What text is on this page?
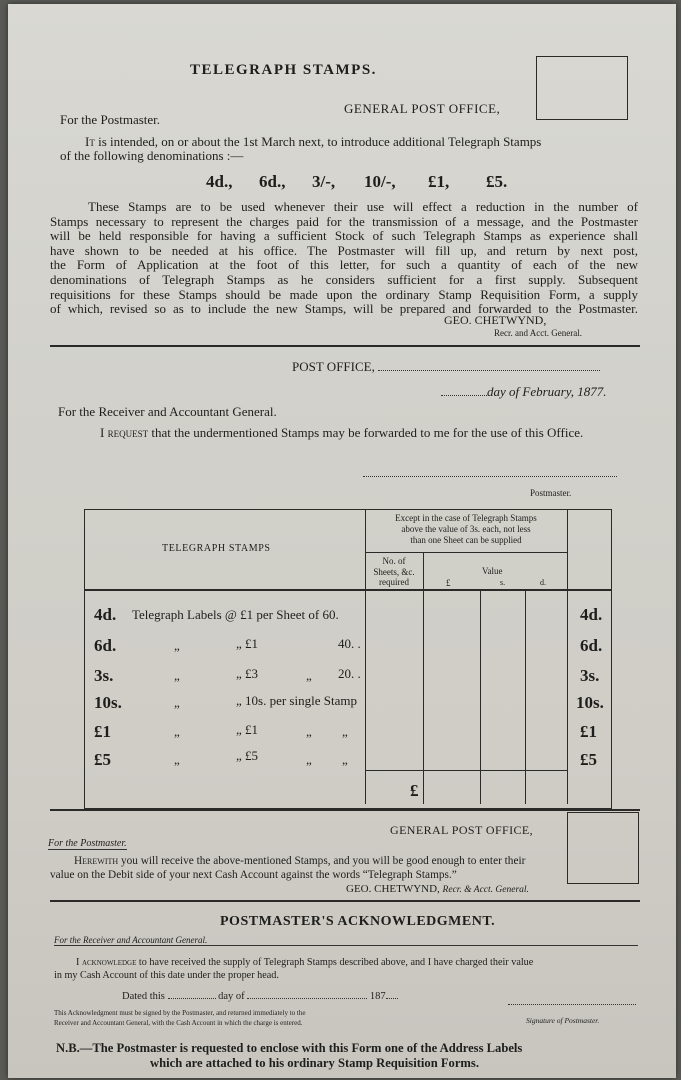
TELEGRAPH STAMPS.
For the Postmaster.
GENERAL POST OFFICE,
It is intended, on or about the 1st March next, to introduce additional Telegraph Stamps
of the following denominations :—
4d., 6d., 3/-, 10/-, £1, £5.
These Stamps are to be used whenever their use will effect a reduction in the number of
Stamps necessary to represent the charges paid for the transmission of a message, and the Postmaster
will be held responsible for having a sufficient Stock of such Telegraph Stamps as experience shall
have shown to be needed at his office. The Postmaster will fill up, and return by next post,
the Form of Application at the foot of this letter, for such a quantity of each of the new
denominations of Telegraph Stamps as he considers sufficient for a first supply. Subsequent
requisitions for these Stamps should be made upon the ordinary Stamp Requisition Form, a supply
of which, revised so as to include the new Stamps, will be prepared and forwarded to the Postmaster.
GEO. CHETWYND,
Recr. and Acct. General.
POST OFFICE,
day of February, 1877.
For the Receiver and Accountant General.
I request that the undermentioned Stamps may be forwarded to me for the use of this Office.
Postmaster.
TELEGRAPH STAMPS
Except in the case of Telegraph Stamps
above the value of 3s. each, not less
than one Sheet can be supplied
No. of
Sheets, &c.
required
Value
£	s.	d.
4d. Telegraph Labels @ £1 per Sheet of 60.	4d.
6d.	„	„ £1	40. .	6d.
3s.	„	„ £3	„ 20. .	3s.
10s.	„	„ 10s. per single Stamp	10s.
£1	„	„ £1	„ „	£1
£5	„	„ £5	„ „	£5
£
GENERAL POST OFFICE,
For the Postmaster.
Herewith you will receive the above-mentioned Stamps, and you will be good enough to enter their
value on the Debit side of your next Cash Account against the words “Telegraph Stamps.”
GEO. CHETWYND, Recr. & Acct. General.
POSTMASTER'S ACKNOWLEDGMENT.
For the Receiver and Accountant General.
I acknowledge to have received the supply of Telegraph Stamps described above, and I have charged their value
in my Cash Account of this date under the proper head.
Dated this	day of	187
This Acknowledgment must be signed by the Postmaster, and returned immediately to the
Receiver and Accountant General, with the Cash Account in which the charge is entered.	Signature of Postmaster.
N.B.—The Postmaster is requested to enclose with this Form one of the Address Labels
which are attached to his ordinary Stamp Requisition Forms.
